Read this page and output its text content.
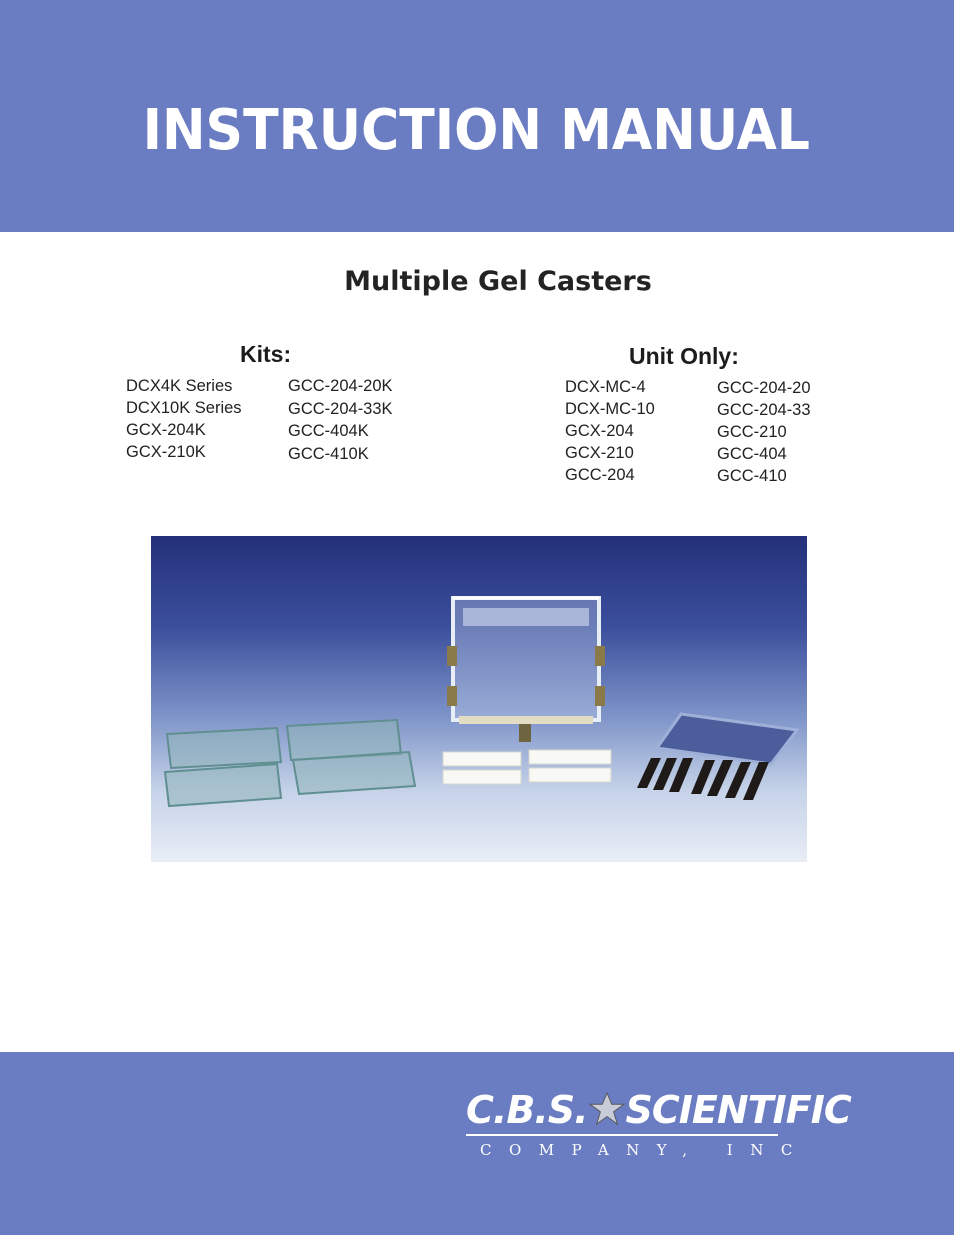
INSTRUCTION MANUAL
Multiple Gel Casters
Kits:
DCX4K Series
DCX10K Series
GCX-204K
GCX-210K
GCC-204-20K
GCC-204-33K
GCC-404K
GCC-410K
Unit Only:
DCX-MC-4
DCX-MC-10
GCX-204
GCX-210
GCC-204
GCC-204-20
GCC-204-33
GCC-210
GCC-404
GCC-410
C.B.S. SCIENTIFIC
COMPANY, INC
